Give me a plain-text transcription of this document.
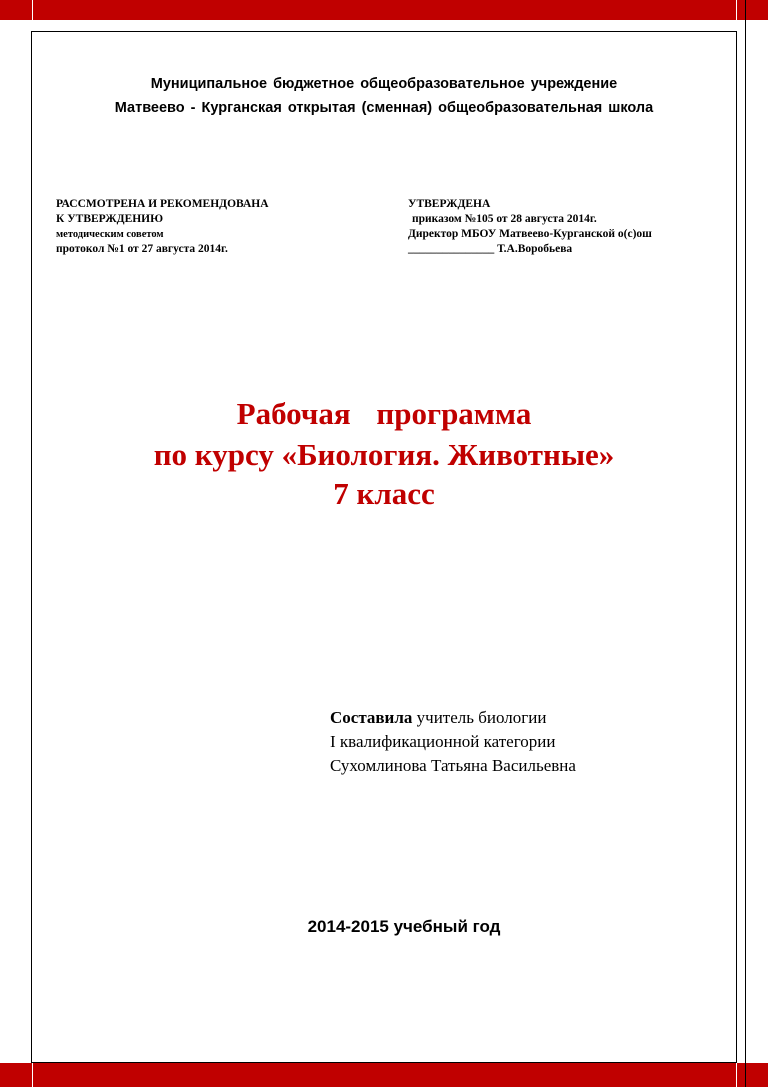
Муниципальное бюджетное общеобразовательное учреждение
Матвеево - Курганская открытая (сменная) общеобразовательная школа
РАССМОТРЕНА И РЕКОМЕНДОВАНА
К УТВЕРЖДЕНИЮ
методическим советом
протокол №1 от 27 августа 2014г.
УТВЕРЖДЕНА
приказом №105 от 28 августа 2014г.
Директор МБОУ Матвеево-Курганской о(с)ош
_______________ Т.А.Воробьева
Рабочая программа
по курсу «Биология. Животные»
7 класс
Составила учитель биологии
I квалификационной категории
Сухомлинова Татьяна Васильевна
2014-2015 учебный год
